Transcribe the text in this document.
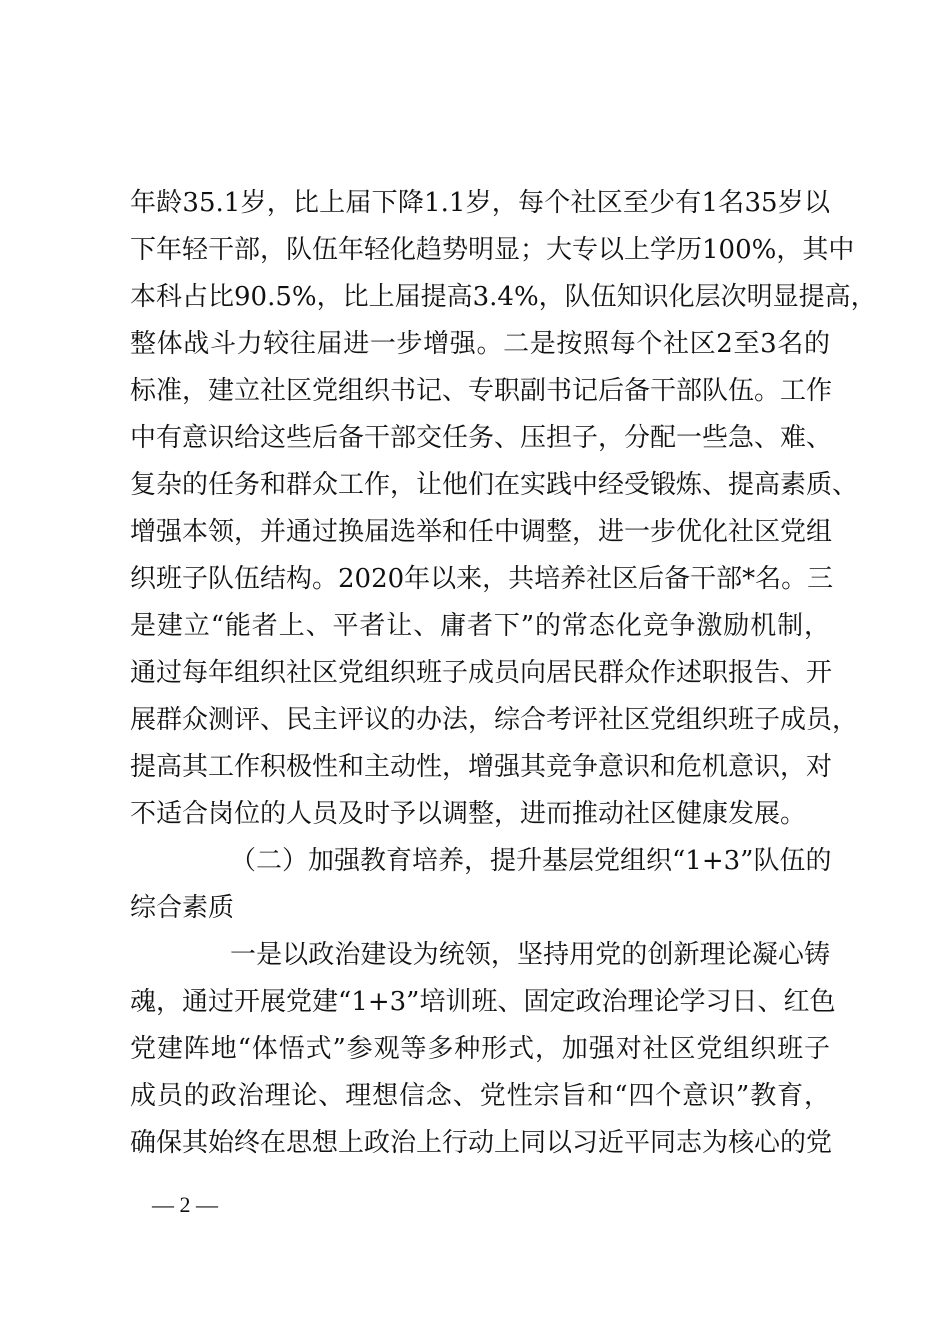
年龄35.1岁，比上届下降1.1岁，每个社区至少有1名35岁以
下年轻干部，队伍年轻化趋势明显；大专以上学历100%，其中
本科占比90.5%，比上届提高3.4%，队伍知识化层次明显提高，
整体战斗力较往届进一步增强。二是按照每个社区2至3名的
标准，建立社区党组织书记、专职副书记后备干部队伍。工作
中有意识给这些后备干部交任务、压担子，分配一些急、难、
复杂的任务和群众工作，让他们在实践中经受锻炼、提高素质、
增强本领，并通过换届选举和任中调整，进一步优化社区党组
织班子队伍结构。2020年以来，共培养社区后备干部*名。三
是建立“能者上、平者让、庸者下”的常态化竞争激励机制，
通过每年组织社区党组织班子成员向居民群众作述职报告、开
展群众测评、民主评议的办法，综合考评社区党组织班子成员，
提高其工作积极性和主动性，增强其竞争意识和危机意识，对
不适合岗位的人员及时予以调整，进而推动社区健康发展。
（二）加强教育培养，提升基层党组织“1+3”队伍的
综合素质
一是以政治建设为统领，坚持用党的创新理论凝心铸
魂，通过开展党建“1+3”培训班、固定政治理论学习日、红色
党建阵地“体悟式”参观等多种形式，加强对社区党组织班子
成员的政治理论、理想信念、党性宗旨和“四个意识”教育，
确保其始终在思想上政治上行动上同以习近平同志为核心的党
— 2 —
